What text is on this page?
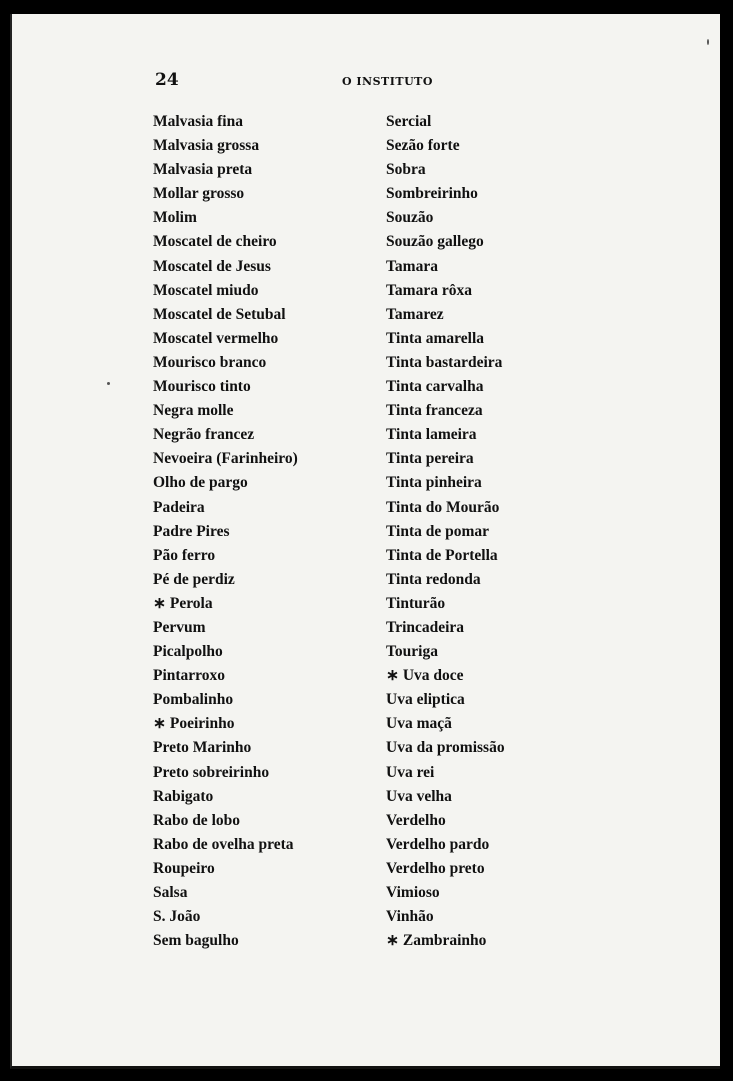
24	O INSTITUTO
Malvasia fina
Malvasia grossa
Malvasia preta
Mollar grosso
Molim
Moscatel de cheiro
Moscatel de Jesus
Moscatel miudo
Moscatel de Setubal
Moscatel vermelho
Mourisco branco
Mourisco tinto
Negra molle
Negrão francez
Nevoeira (Farinheiro)
Olho de pargo
Padeira
Padre Pires
Pão ferro
Pé de perdiz
∗ Perola
Pervum
Picalpolho
Pintarroxo
Pombalinho
∗ Poeirinho
Preto Marinho
Preto sobreirinho
Rabigato
Rabo de lobo
Rabo de ovelha preta
Roupeiro
Salsa
S. João
Sem bagulho
Sercial
Sezão forte
Sobra
Sombreirinho
Souzão
Souzão gallego
Tamara
Tamara rôxa
Tamarez
Tinta amarella
Tinta bastardeira
Tinta carvalha
Tinta franceza
Tinta lameira
Tinta pereira
Tinta pinheira
Tinta do Mourão
Tinta de pomar
Tinta de Portella
Tinta redonda
Tinturão
Trincadeira
Touriga
∗ Uva doce
Uva eliptica
Uva maçã
Uva da promissão
Uva rei
Uva velha
Verdelho
Verdelho pardo
Verdelho preto
Vimioso
Vinhão
∗ Zambrainho
